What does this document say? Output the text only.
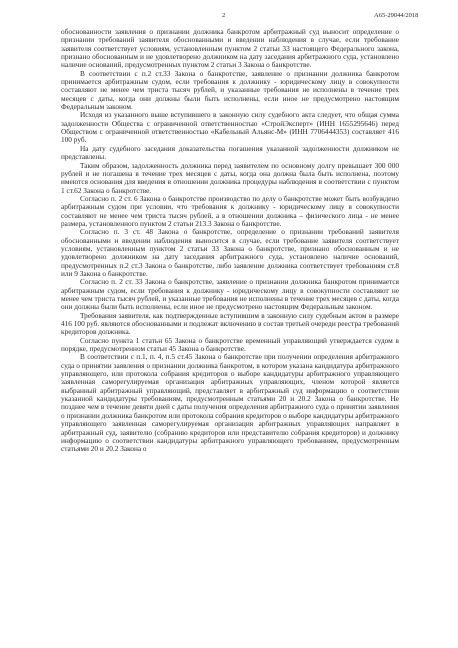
2	А65-29044/2018

обоснованности заявления о признании должника банкротом арбитражный суд выносит определение о признании требований заявителя обоснованными и введении наблюдения в случае, если требование заявителя соответствует условиям, установленным пунктом 2 статьи 33 настоящего Федерального закона, признано обоснованным и не удовлетворено должником на дату заседания арбитражного суда, установлено наличие оснований, предусмотренных пунктом 2 статьи 3 Закона о банкротстве.

В соответствии с п.2 ст.33 Закона о банкротстве, заявление о признании должника банкротом принимается арбитражным судом, если требования к должнику - юридическому лицу в совокупности составляют не менее чем триста тысяч рублей, и указанные требования не исполнены в течение трех месяцев с даты, когда они должны были быть исполнены, если иное не предусмотрено настоящим Федеральным законом.

Исходя из указанного выше вступившего в законную силу судебного акта следует, что общая сумма задолженности Общества с ограниченной ответственностью «СтройЭксперт» (ИНН 1655295646) перед Обществом с ограниченной ответственностью «Кабельный Альянс-М» (ИНН 7706444353) составляет 416 100 руб.

На дату судебного заседания доказательства погашения указанной задолженности должником не представлены.

Таким образом, задолженность должника перед заявителем по основному долгу превышает 300 000 рублей и не погашена в течение трех месяцев с даты, когда она должна была быть исполнена, поэтому имеются основания для введения в отношении должника процедуры наблюдения в соответствии с пунктом 1 ст.62 Закона о банкротстве.

Согласно п. 2 ст. 6 Закона о банкротстве производство по делу о банкротстве может быть возбуждено арбитражным судом при условии, что требования к должнику - юридическому лицу в совокупности составляют не менее чем триста тысяч рублей, а в отношении должника – физического лица - не менее размера, установленного пунктом 2 статьи 213.3 Закона о банкротстве.

Согласно п. 3 ст. 48 Закона о банкротстве, определение о признании требований заявителя обоснованными и введении наблюдения выносится в случае, если требование заявителя соответствует условиям, установленным пунктом 2 статьи 33 Закона о банкротстве, признано обоснованным и не удовлетворено должником на дату заседания арбитражного суда, установлено наличие оснований, предусмотренных п.2 ст.3 Закона о банкротстве, либо заявление должника соответствует требованиям ст.8 или 9 Закона о банкротстве.

Согласно п. 2 ст. 33 Закона о банкротстве, заявление о признании должника банкротом принимается арбитражным судом, если требования к должнику - юридическому лицу в совокупности составляют не менее чем триста тысяч рублей, и указанные требования не исполнены в течение трех месяцев с даты, когда они должны были быть исполнены, если иное не предусмотрено настоящим Федеральным законом.

Требования заявителя, как подтвержденные вступившим в законную силу судебным актом в размере 416 100 руб. являются обоснованными и подлежат включению в состав третьей очереди реестра требований кредиторов должника.

Согласно пункта 1 статьи 65 Закона о банкротстве временный управляющий утверждается судом в порядке, предусмотренном статьи 45 Закона о банкротстве.

В соответствии с п.1, п. 4, п.5 ст.45 Закона о банкротстве при получении определения арбитражного суда о принятии заявления о признании должника банкротом, в котором указана кандидатура арбитражного управляющего, или протокола собрания кредиторов о выборе кандидатуры арбитражного управляющего заявленная саморегулируемая организация арбитражных управляющих, членом которой является выбранный арбитражный управляющий, представляет в арбитражный суд информацию о соответствии указанной кандидатуры требованиям, предусмотренным статьями 20 и 20.2 Закона о банкротстве. Не позднее чем в течение девяти дней с даты получения определения арбитражного суда о принятии заявления о признании должника банкротом или протокола собрания кредиторов о выборе кандидатуры арбитражного управляющего заявленная саморегулируемая организация арбитражных управляющих направляет в арбитражный суд, заявителю (собранию кредиторов или представителю собрания кредиторов) и должнику информацию о соответствии кандидатуры арбитражного управляющего требованиям, предусмотренным статьями 20 и 20.2 Закона о
